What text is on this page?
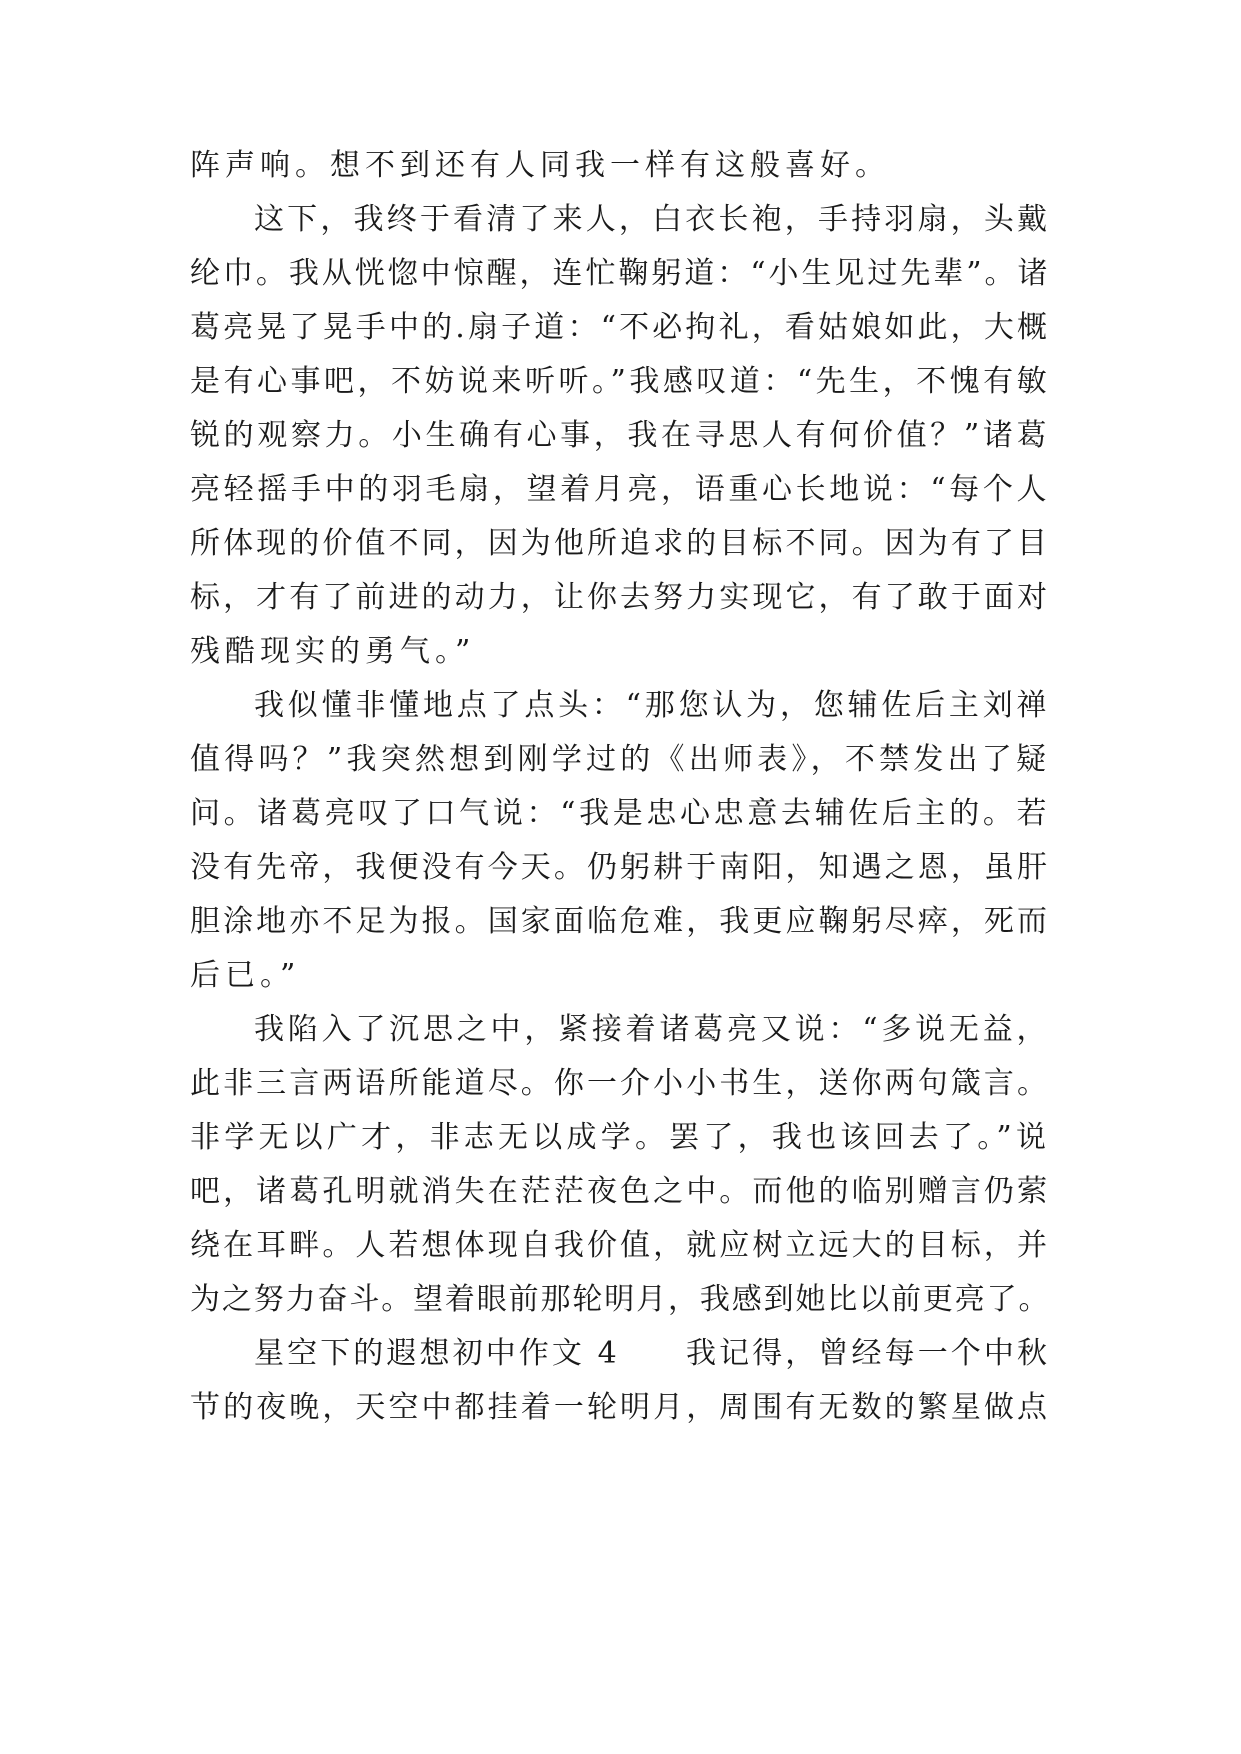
阵声响。想不到还有人同我一样有这般喜好。
这下，我终于看清了来人，白衣长袍，手持羽扇，头戴
纶巾。我从恍惚中惊醒，连忙鞠躬道：“小生见过先辈”。诸
葛亮晃了晃手中的.扇子道：“不必拘礼，看姑娘如此，大概
是有心事吧，不妨说来听听。”我感叹道：“先生，不愧有敏
锐的观察力。小生确有心事，我在寻思人有何价值？”诸葛
亮轻摇手中的羽毛扇，望着月亮，语重心长地说：“每个人
所体现的价值不同，因为他所追求的目标不同。因为有了目
标，才有了前进的动力，让你去努力实现它，有了敢于面对
残酷现实的勇气。”
我似懂非懂地点了点头：“那您认为，您辅佐后主刘禅
值得吗？”我突然想到刚学过的《出师表》，不禁发出了疑
问。诸葛亮叹了口气说：“我是忠心忠意去辅佐后主的。若
没有先帝，我便没有今天。仍躬耕于南阳，知遇之恩，虽肝
胆涂地亦不足为报。国家面临危难，我更应鞠躬尽瘁，死而
后已。”
我陷入了沉思之中，紧接着诸葛亮又说：“多说无益，
此非三言两语所能道尽。你一介小小书生，送你两句箴言。
非学无以广才，非志无以成学。罢了，我也该回去了。”说
吧，诸葛孔明就消失在茫茫夜色之中。而他的临别赠言仍萦
绕在耳畔。人若想体现自我价值，就应树立远大的目标，并
为之努力奋斗。望着眼前那轮明月，我感到她比以前更亮了。
星空下的遐想初中作文 4　　我记得，曾经每一个中秋
节的夜晚，天空中都挂着一轮明月，周围有无数的繁星做点
